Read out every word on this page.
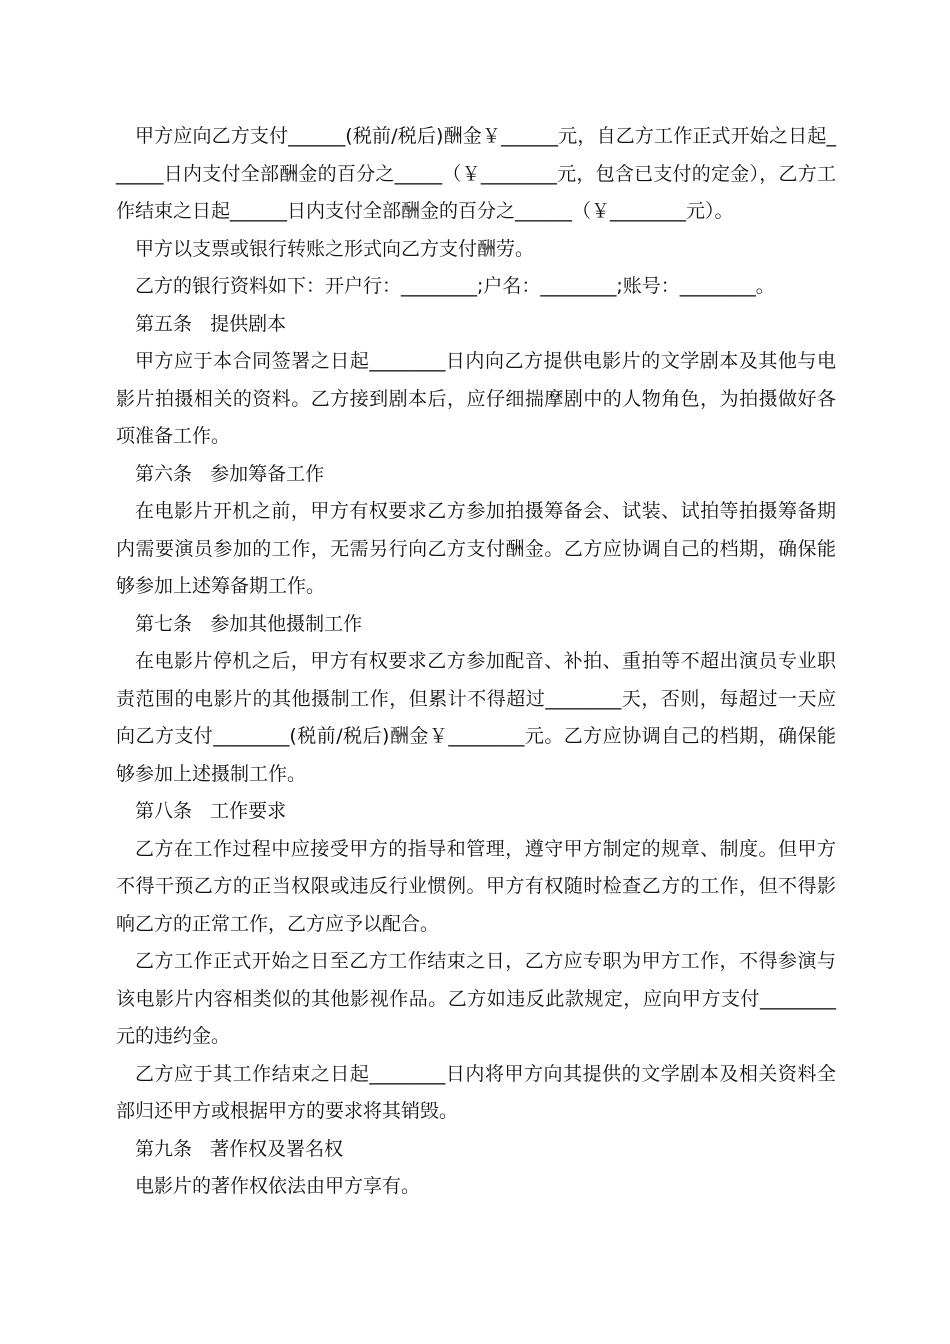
甲方应向乙方支付______(税前/税后)酬金￥______元，自乙方工作正式开始之日起______日内支付全部酬金的百分之_____（￥________元，包含已支付的定金），乙方工作结束之日起______日内支付全部酬金的百分之______（￥________元）。

甲方以支票或银行转账之形式向乙方支付酬劳。

乙方的银行资料如下：开户行：________;户名：________;账号：________。

第五条   提供剧本

甲方应于本合同签署之日起________日内向乙方提供电影片的文学剧本及其他与电影片拍摄相关的资料。乙方接到剧本后，应仔细揣摩剧中的人物角色，为拍摄做好各项准备工作。

第六条   参加筹备工作

在电影片开机之前，甲方有权要求乙方参加拍摄筹备会、试装、试拍等拍摄筹备期内需要演员参加的工作，无需另行向乙方支付酬金。乙方应协调自己的档期，确保能够参加上述筹备期工作。

第七条   参加其他摄制工作

在电影片停机之后，甲方有权要求乙方参加配音、补拍、重拍等不超出演员专业职责范围的电影片的其他摄制工作，但累计不得超过________天，否则，每超过一天应向乙方支付________(税前/税后)酬金￥________元。乙方应协调自己的档期，确保能够参加上述摄制工作。

第八条   工作要求

乙方在工作过程中应接受甲方的指导和管理，遵守甲方制定的规章、制度。但甲方不得干预乙方的正当权限或违反行业惯例。甲方有权随时检查乙方的工作，但不得影响乙方的正常工作，乙方应予以配合。

乙方工作正式开始之日至乙方工作结束之日，乙方应专职为甲方工作，不得参演与该电影片内容相类似的其他影视作品。乙方如违反此款规定，应向甲方支付________元的违约金。

乙方应于其工作结束之日起________日内将甲方向其提供的文学剧本及相关资料全部归还甲方或根据甲方的要求将其销毁。

第九条   著作权及署名权

电影片的著作权依法由甲方享有。
